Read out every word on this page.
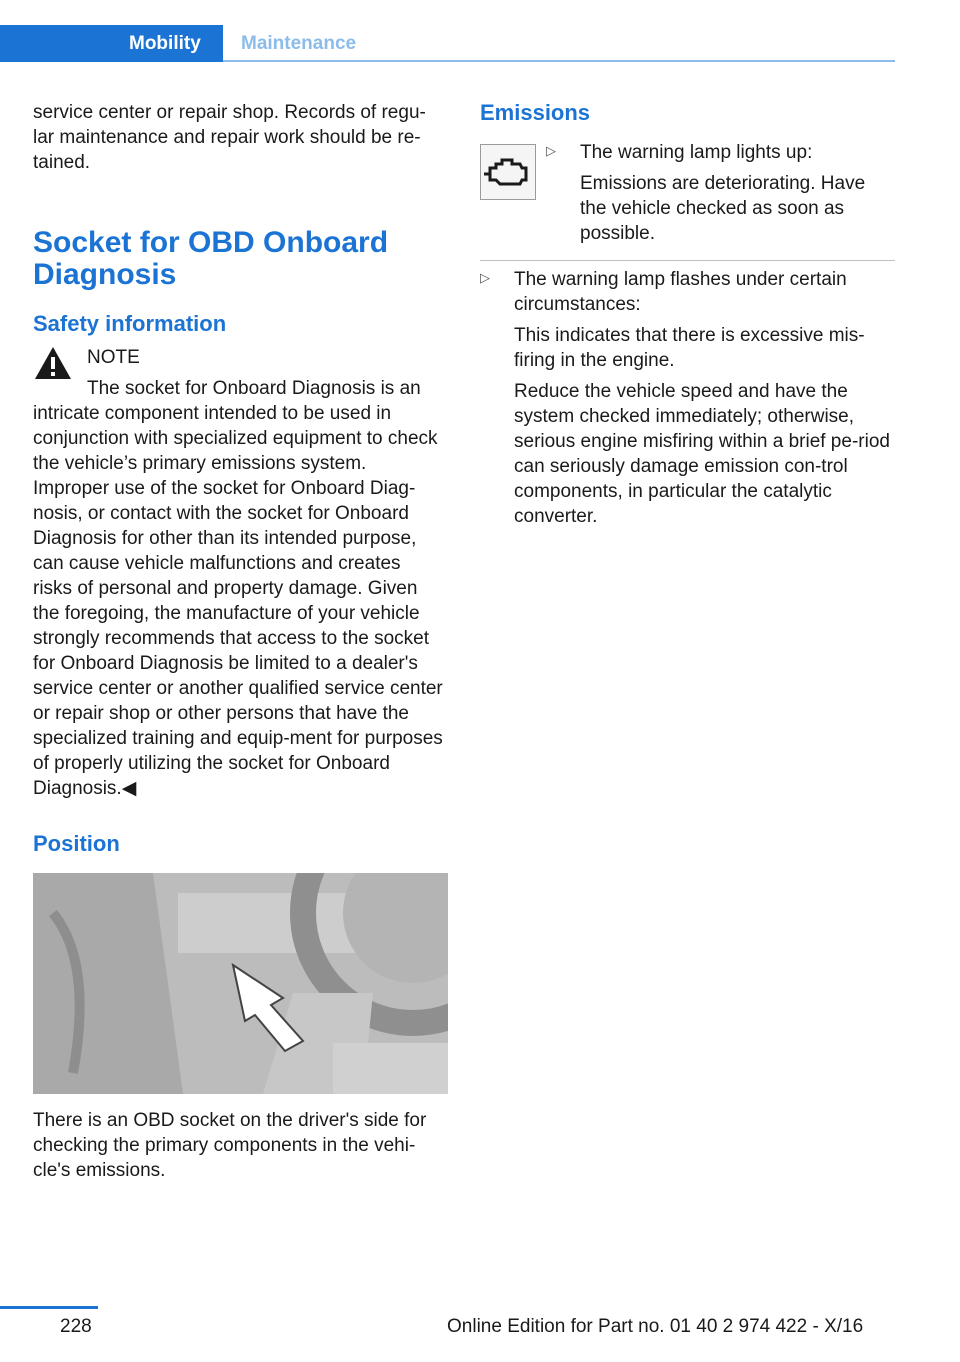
Mobility	Maintenance

service center or repair shop. Records of regu-lar maintenance and repair work should be re-tained.

Socket for OBD Onboard Diagnosis
Safety information

NOTE

The socket for Onboard Diagnosis is an intricate component intended to be used in conjunction with specialized equipment to check the vehicle’s primary emissions system. Improper use of the socket for Onboard Diag-nosis, or contact with the socket for Onboard Diagnosis for other than its intended purpose, can cause vehicle malfunctions and creates risks of personal and property damage. Given the foregoing, the manufacture of your vehicle strongly recommends that access to the socket for Onboard Diagnosis be limited to a dealer's service center or another qualified service center or repair shop or other persons that have the specialized training and equip-ment for purposes of properly utilizing the socket for Onboard Diagnosis.◀

Position

There is an OBD socket on the driver's side for checking the primary components in the vehi-cle's emissions.

Emissions
▷ The warning lamp lights up:

Emissions are deteriorating. Have the vehicle checked as soon as possible.

▷ The warning lamp flashes under certain circumstances:

This indicates that there is excessive mis-firing in the engine.

Reduce the vehicle speed and have the system checked immediately; otherwise, serious engine misfiring within a brief pe-riod can seriously damage emission con-trol components, in particular the catalytic converter.

228	Online Edition for Part no. 01 40 2 974 422 - X/16
